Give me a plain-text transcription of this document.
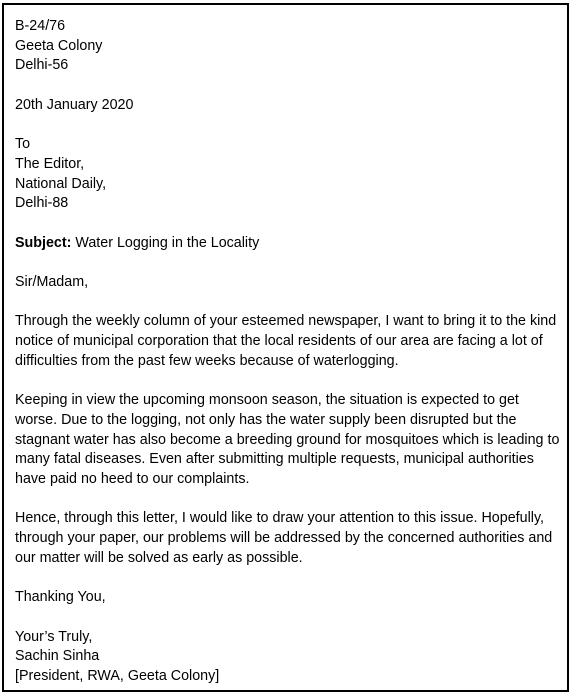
B-24/76
Geeta Colony
Delhi-56
20th January 2020
To
The Editor,
National Daily,
Delhi-88
Subject: Water Logging in the Locality
Sir/Madam,
Through the weekly column of your esteemed newspaper, I want to bring it to the kind
notice of municipal corporation that the local residents of our area are facing a lot of
difficulties from the past few weeks because of waterlogging.
Keeping in view the upcoming monsoon season, the situation is expected to get
worse. Due to the logging, not only has the water supply been disrupted but the
stagnant water has also become a breeding ground for mosquitoes which is leading to
many fatal diseases. Even after submitting multiple requests, municipal authorities
have paid no heed to our complaints.
Hence, through this letter, I would like to draw your attention to this issue. Hopefully,
through your paper, our problems will be addressed by the concerned authorities and
our matter will be solved as early as possible.
Thanking You,
Your’s Truly,
Sachin Sinha
[President, RWA, Geeta Colony]
